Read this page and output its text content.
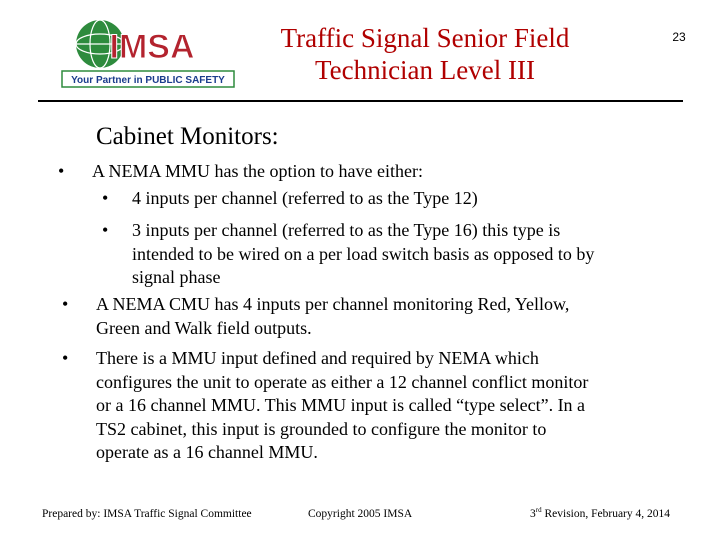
IMSA
Your Partner in PUBLIC SAFETY
Traffic Signal Senior Field
Technician Level III
23
Cabinet Monitors:
• A NEMA MMU has the option to have either:
• 4 inputs per channel (referred to as the Type 12)
• 3 inputs per channel (referred to as the Type 16) this type is
intended to be wired on a per load switch basis as opposed to by
signal phase
• A NEMA CMU has 4 inputs per channel monitoring Red, Yellow,
Green and Walk field outputs.
• There is a MMU input defined and required by NEMA which
configures the unit to operate as either a 12 channel conflict monitor
or a 16 channel MMU. This MMU input is called “type select”. In a
TS2 cabinet, this input is grounded to configure the monitor to
operate as a 16 channel MMU.
Prepared by: IMSA Traffic Signal Committee	Copyright 2005 IMSA	3rd Revision, February 4, 2014
